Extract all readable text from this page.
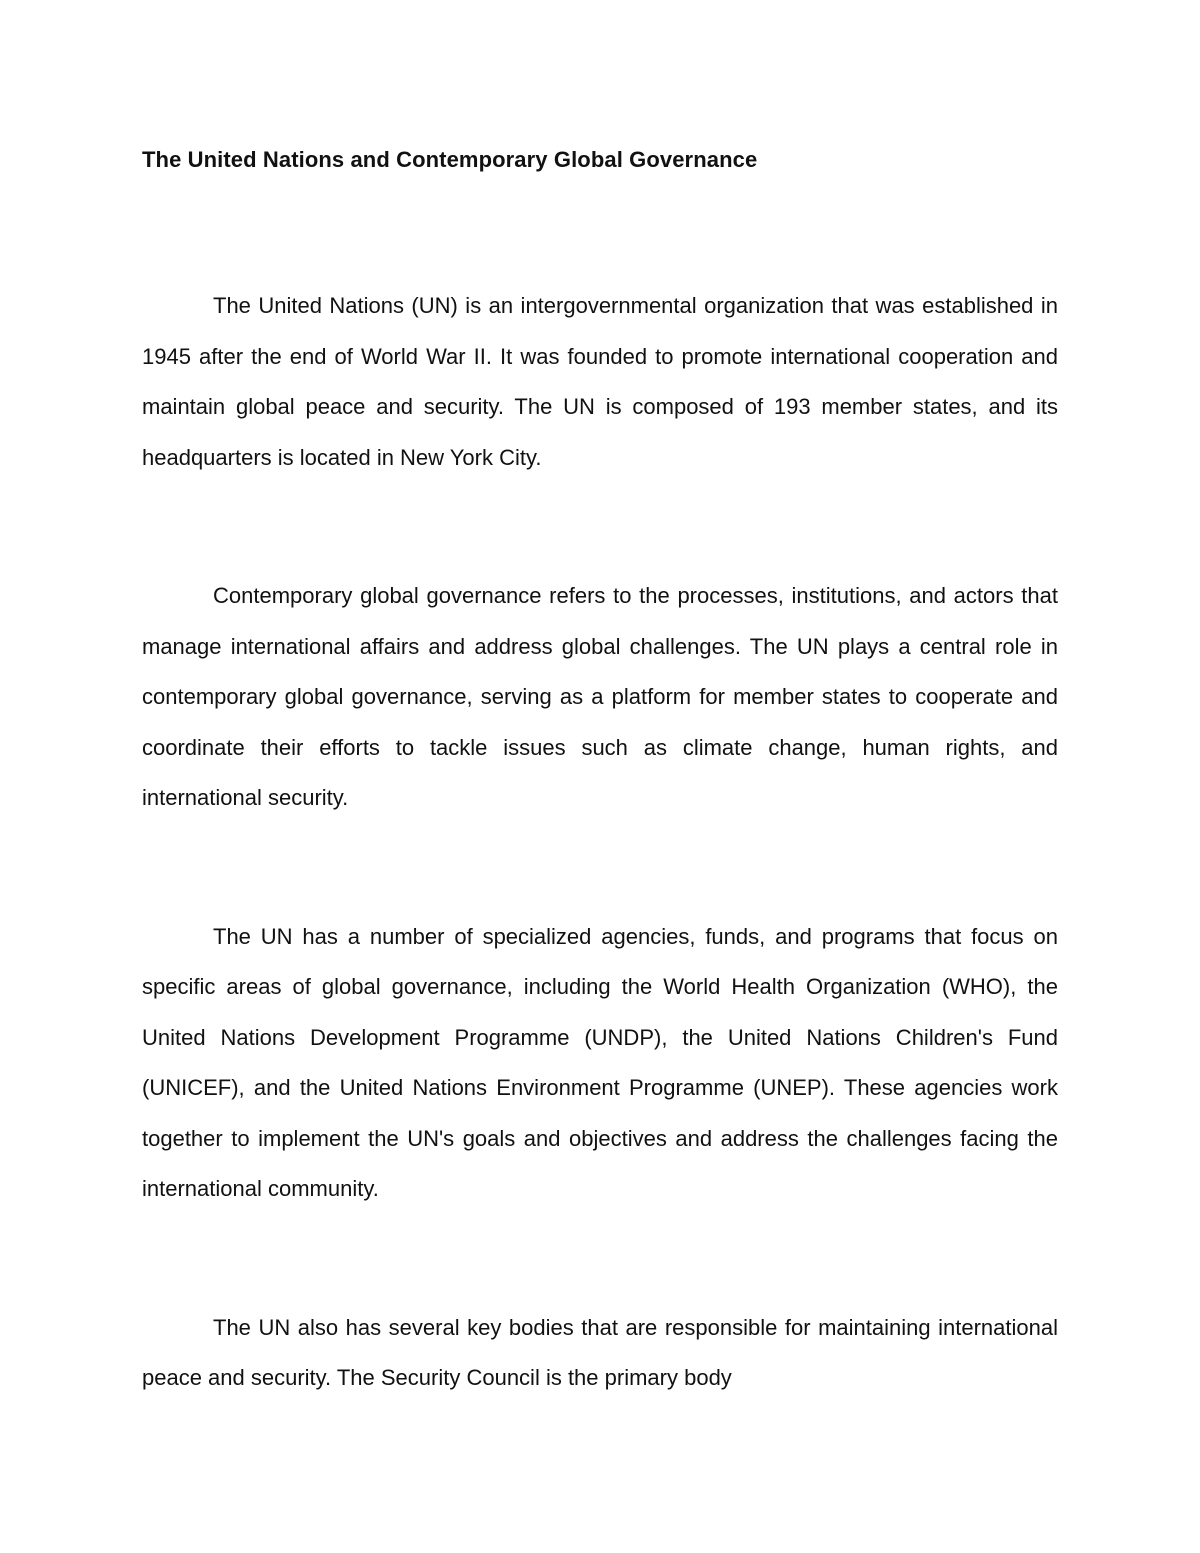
The United Nations and Contemporary Global Governance

The United Nations (UN) is an intergovernmental organization that was established in 1945 after the end of World War II. It was founded to promote international cooperation and maintain global peace and security. The UN is composed of 193 member states, and its headquarters is located in New York City.

Contemporary global governance refers to the processes, institutions, and actors that manage international affairs and address global challenges. The UN plays a central role in contemporary global governance, serving as a platform for member states to cooperate and coordinate their efforts to tackle issues such as climate change, human rights, and international security.

The UN has a number of specialized agencies, funds, and programs that focus on specific areas of global governance, including the World Health Organization (WHO), the United Nations Development Programme (UNDP), the United Nations Children's Fund (UNICEF), and the United Nations Environment Programme (UNEP). These agencies work together to implement the UN's goals and objectives and address the challenges facing the international community.

The UN also has several key bodies that are responsible for maintaining international peace and security. The Security Council is the primary body
